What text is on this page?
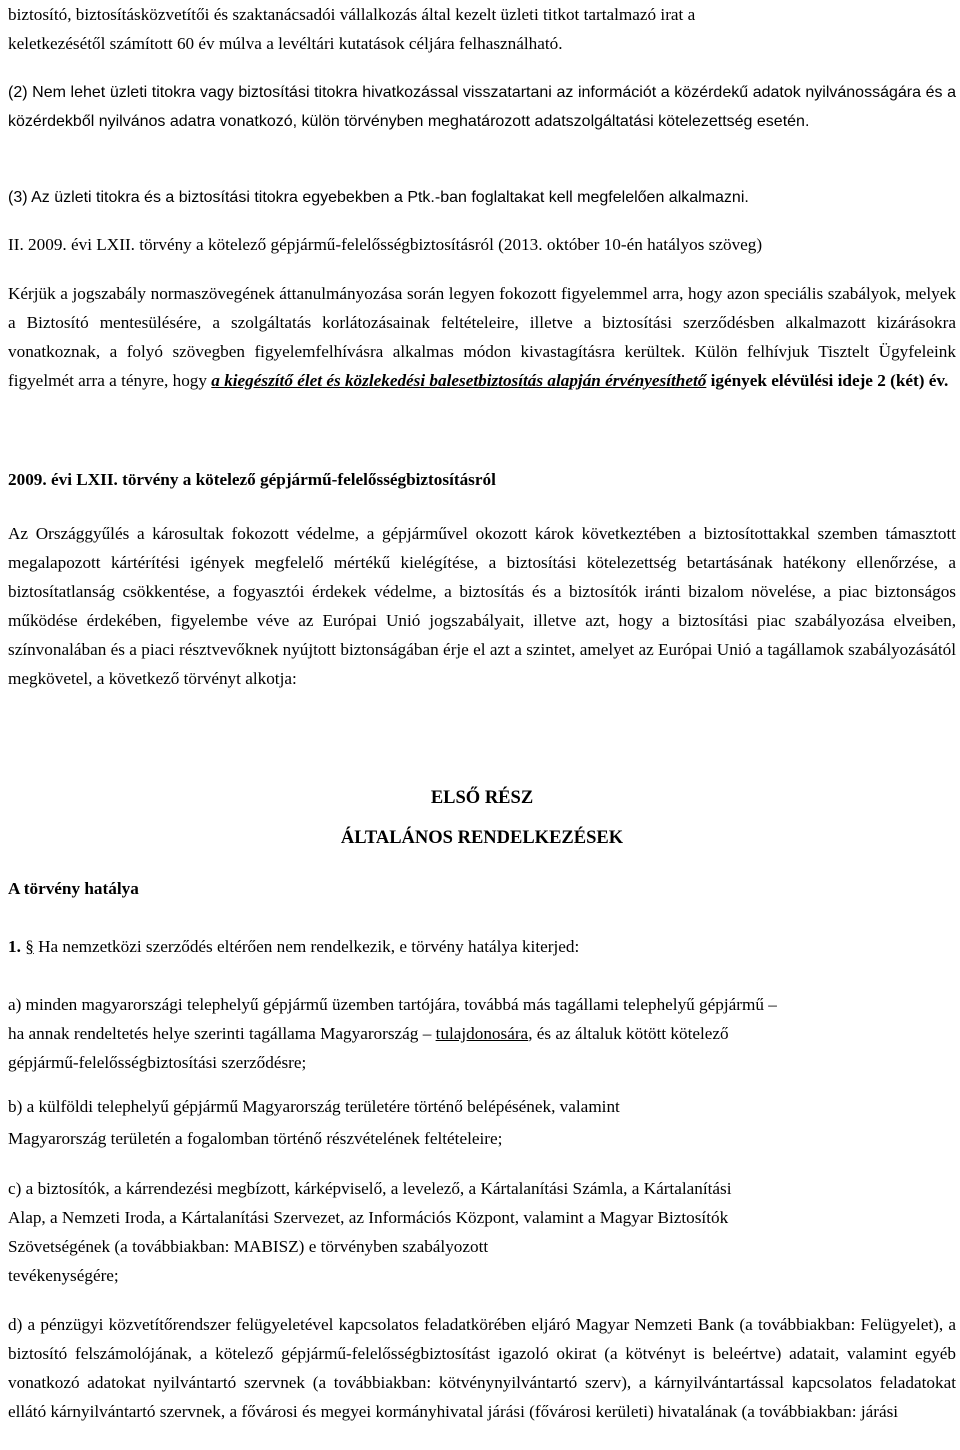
biztosító, biztosításközvetítői és szaktanácsadói vállalkozás által kezelt üzleti titkot tartalmazó irat a

keletkezésétől számított 60 év múlva a levéltári kutatások céljára felhasználható.

(2) Nem lehet üzleti titokra vagy biztosítási titokra hivatkozással visszatartani az információt a közérdekű adatok nyilvánosságára és a közérdekből nyilvános adatra vonatkozó, külön törvényben meghatározott adatszolgáltatási kötelezettség esetén.

(3) Az üzleti titokra és a biztosítási titokra egyebekben a Ptk.-ban foglaltakat kell megfelelően alkalmazni.

II. 2009. évi LXII. törvény a kötelező gépjármű-felelősségbiztosításról (2013. október 10-én hatályos szöveg)

Kérjük a jogszabály normaszövegének áttanulmányozása során legyen fokozott figyelemmel arra, hogy azon speciális szabályok, melyek a Biztosító mentesülésére, a szolgáltatás korlátozásainak feltételeire, illetve a biztosítási szerződésben alkalmazott kizárásokra vonatkoznak, a folyó szövegben figyelemfelhívásra alkalmas módon kivastagításra kerültek. Külön felhívjuk Tisztelt Ügyfeleink figyelmét arra a tényre, hogy a kiegészítő élet és közlekedési balesetbiztosítás alapján érvényesíthető igények elévülési ideje 2 (két) év.

2009. évi LXII. törvény a kötelező gépjármű-felelősségbiztosításról

Az Országgyűlés a károsultak fokozott védelme, a gépjárművel okozott károk következtében a biztosítottakkal szemben támasztott megalapozott kártérítési igények megfelelő mértékű kielégítése, a biztosítási kötelezettség betartásának hatékony ellenőrzése, a biztosítatlanság csökkentése, a fogyasztói érdekek védelme, a biztosítás és a biztosítók iránti bizalom növelése, a piac biztonságos működése érdekében, figyelembe véve az Európai Unió jogszabályait, illetve azt, hogy a biztosítási piac szabályozása elveiben, színvonalában és a piaci résztvevőknek nyújtott biztonságában érje el azt a szintet, amelyet az Európai Unió a tagállamok szabályozásától megkövetel, a következő törvényt alkotja:

ELSŐ RÉSZ

ÁLTALÁNOS RENDELKEZÉSEK

A törvény hatálya

1. § Ha nemzetközi szerződés eltérően nem rendelkezik, e törvény hatálya kiterjed:

a) minden magyarországi telephelyű gépjármű üzemben tartójára, továbbá más tagállami telephelyű gépjármű –

ha annak rendeltetés helye szerinti tagállama Magyarország – tulajdonosára, és az általuk kötött kötelező

gépjármű-felelősségbiztosítási szerződésre;

b) a külföldi telephelyű gépjármű Magyarország területére történő belépésének, valamint

Magyarország területén a fogalomban történő részvételének feltételeire;

c) a biztosítók, a kárrendezési megbízott, kárképviselő, a levelező, a Kártalanítási Számla, a Kártalanítási

Alap, a Nemzeti Iroda, a Kártalanítási Szervezet, az Információs Központ, valamint a Magyar Biztosítók

Szövetségének (a továbbiakban: MABISZ) e törvényben szabályozott

tevékenységére;

d) a pénzügyi közvetítőrendszer felügyeletével kapcsolatos feladatkörében eljáró Magyar Nemzeti Bank (a továbbiakban: Felügyelet), a biztosító felszámolójának, a kötelező gépjármű-felelősségbiztosítást igazoló okirat (a kötvényt is beleértve) adatait, valamint egyéb vonatkozó adatokat nyilvántartó szervnek (a továbbiakban: kötvénynyilvántartó szerv), a kárnyilvántartással kapcsolatos feladatokat ellátó kárnyilvántartó szervnek, a fővárosi és megyei kormányhivatal járási (fővárosi kerületi) hivatalának (a továbbiakban: járási
